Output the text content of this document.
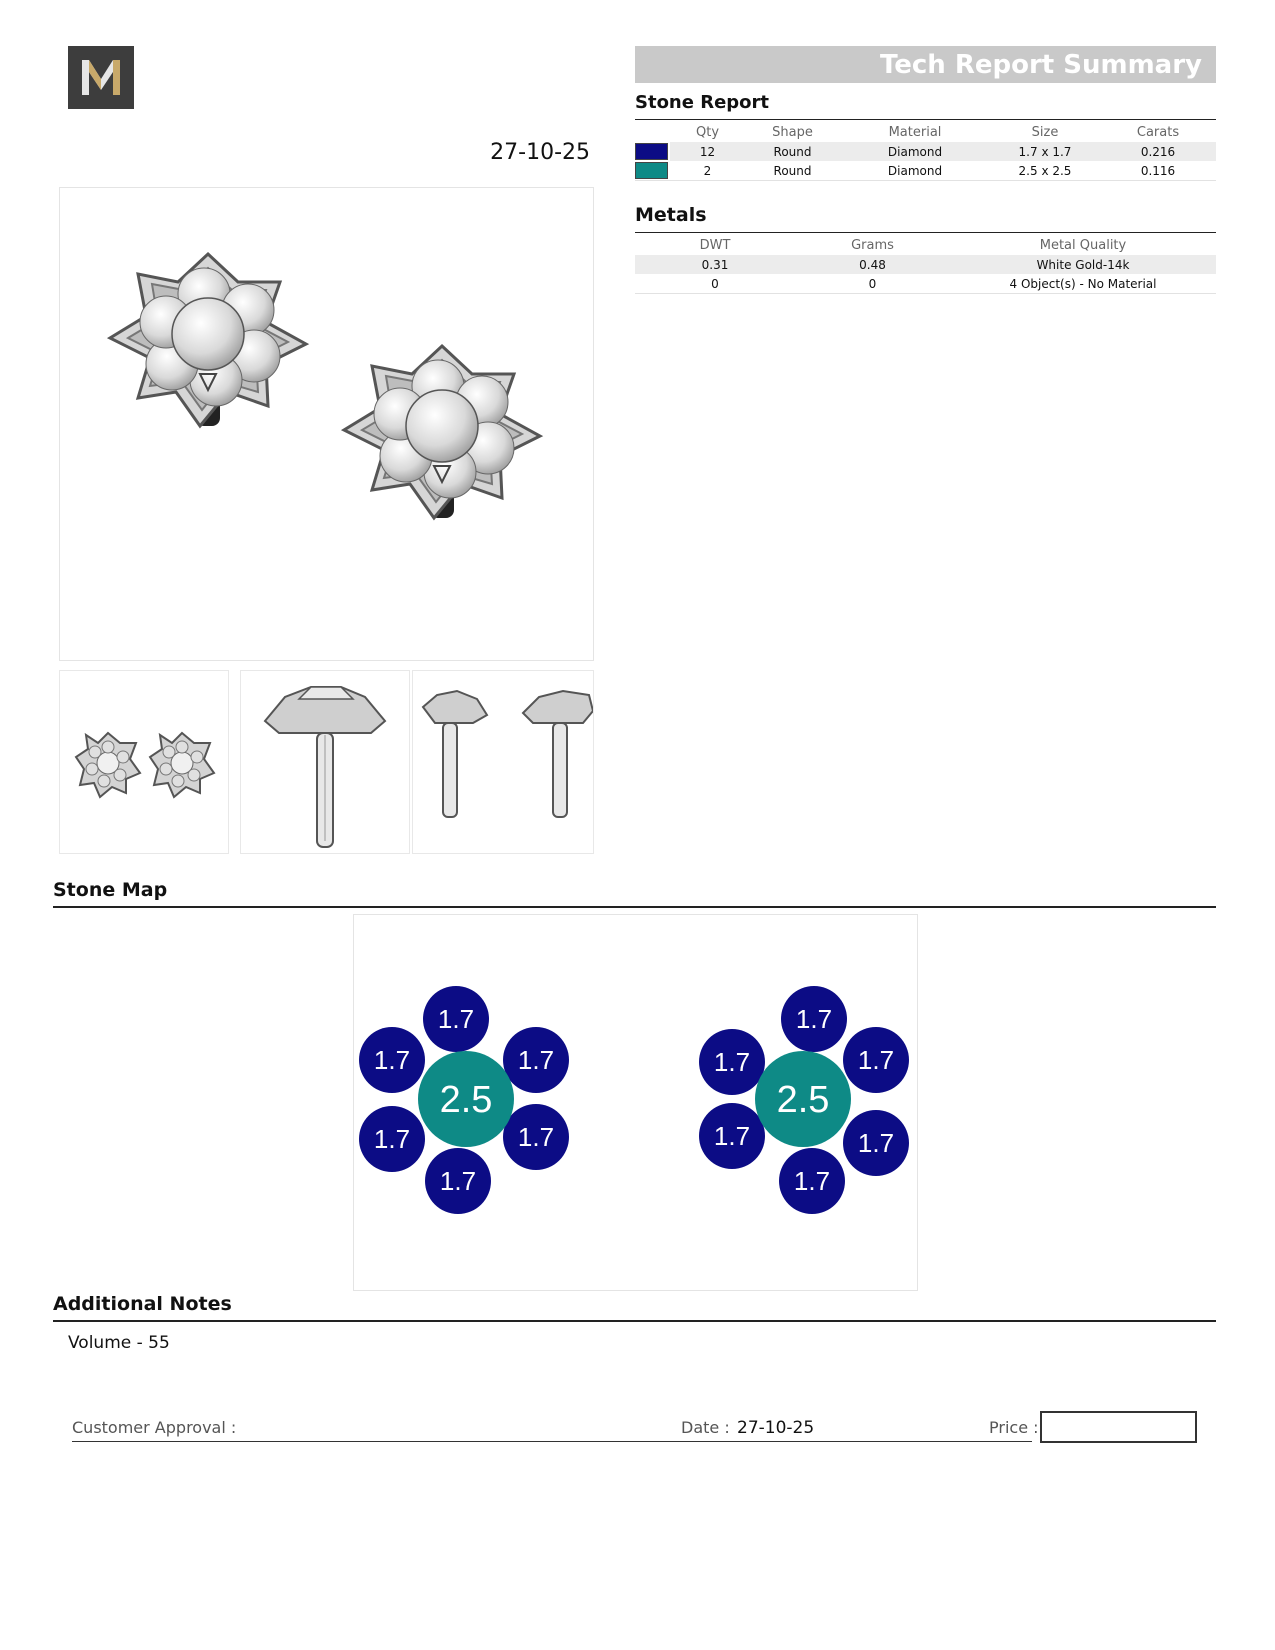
27-10-25
Tech Report Summary
Stone Report
	Qty	Shape	Material	Size	Carats
	12	Round	Diamond	1.7 x 1.7	0.216
	2	Round	Diamond	2.5 x 2.5	0.116
Metals
DWT	Grams	Metal Quality
0.31	0.48	White Gold-14k
0	0	4 Object(s) - No Material
Stone Map
1.7
1.7	1.7
1.7	1.7
1.7
2.5
1.7
1.7	1.7
1.7	1.7
1.7
2.5
Additional Notes
Volume - 55
Customer Approval :	Date : 27-10-25	Price :
